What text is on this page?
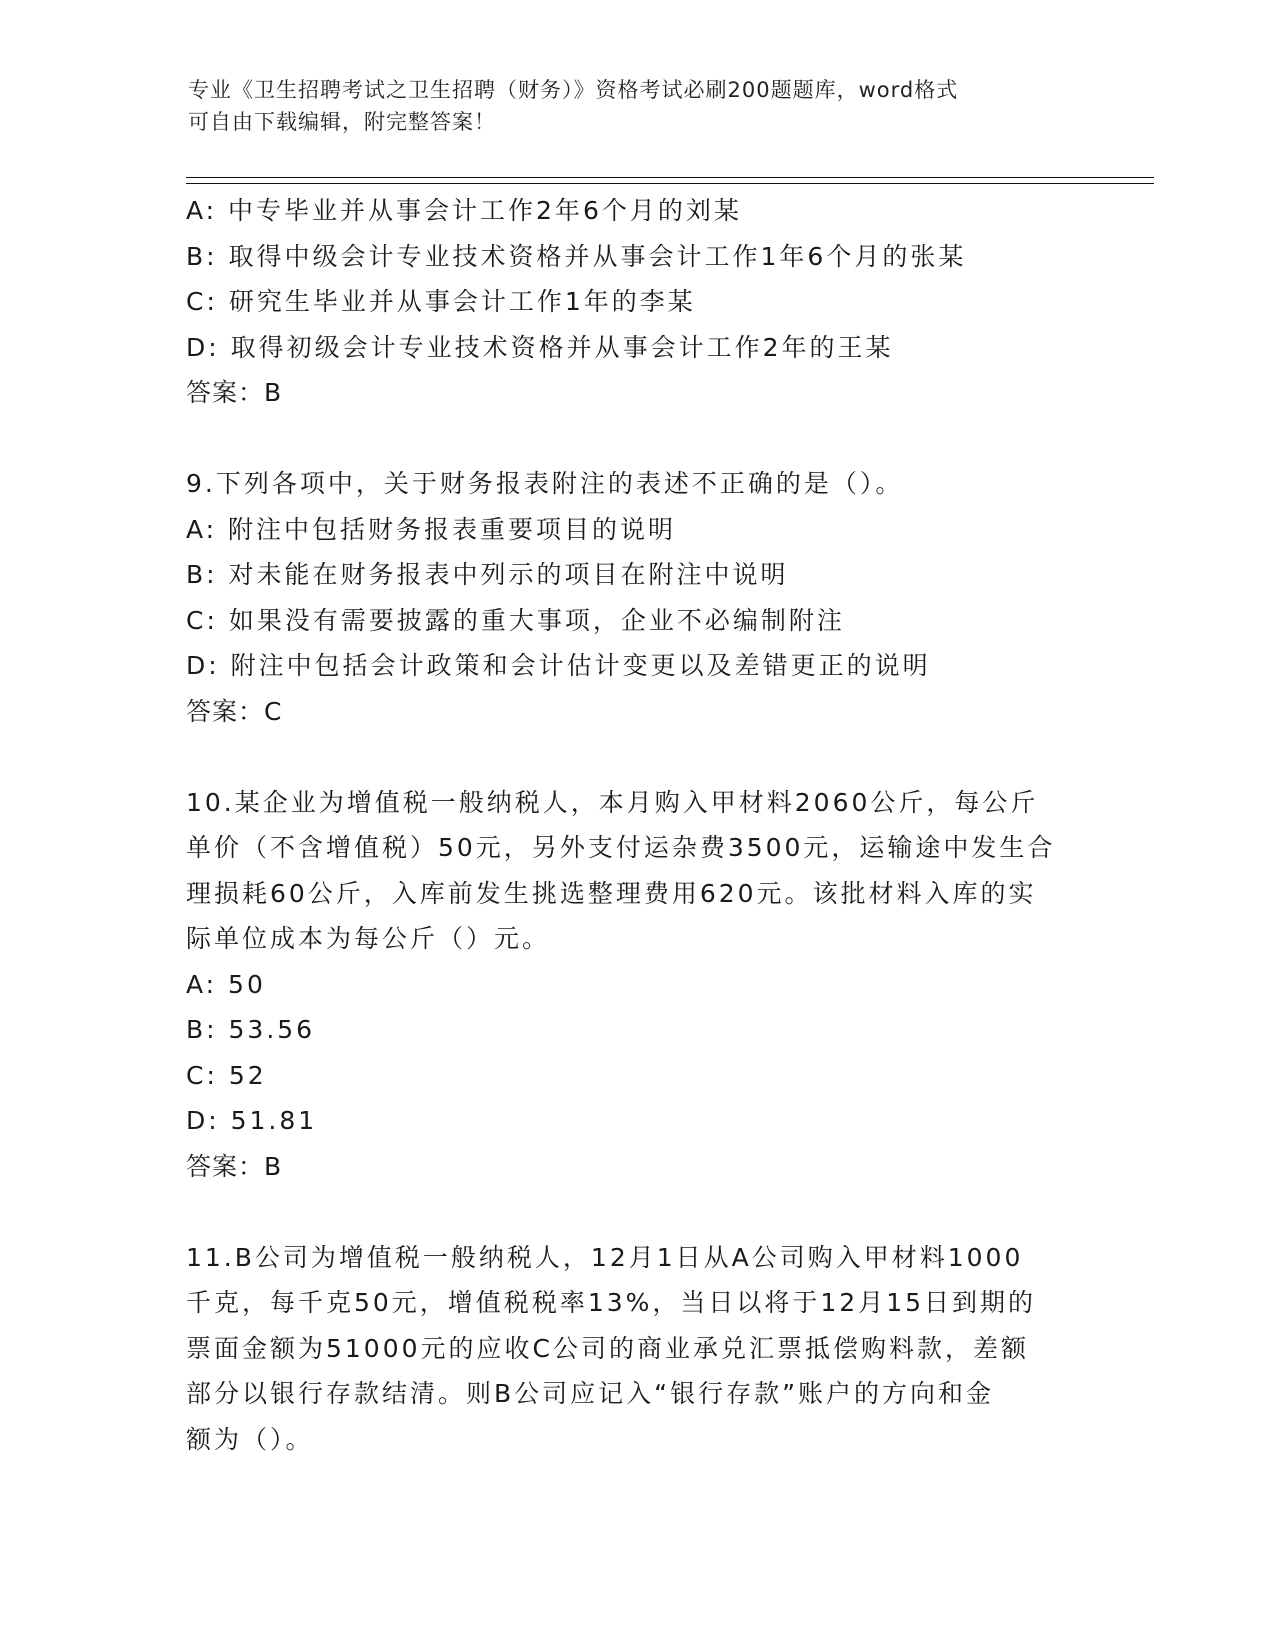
专业《卫生招聘考试之卫生招聘（财务）》资格考试必刷200题题库，word格式
可自由下载编辑，附完整答案！
A: 中专毕业并从事会计工作2年6个月的刘某
B: 取得中级会计专业技术资格并从事会计工作1年6个月的张某
C: 研究生毕业并从事会计工作1年的李某
D: 取得初级会计专业技术资格并从事会计工作2年的王某
答案：B
9.下列各项中，关于财务报表附注的表述不正确的是（）。
A: 附注中包括财务报表重要项目的说明
B: 对未能在财务报表中列示的项目在附注中说明
C: 如果没有需要披露的重大事项，企业不必编制附注
D: 附注中包括会计政策和会计估计变更以及差错更正的说明
答案：C
10.某企业为增值税一般纳税人，本月购入甲材料2060公斤，每公斤
单价（不含增值税）50元，另外支付运杂费3500元，运输途中发生合
理损耗60公斤，入库前发生挑选整理费用620元。该批材料入库的实
际单位成本为每公斤（）元。
A: 50
B: 53.56
C: 52
D: 51.81
答案：B
11.B公司为增值税一般纳税人，12月1日从A公司购入甲材料1000
千克，每千克50元，增值税税率13%，当日以将于12月15日到期的
票面金额为51000元的应收C公司的商业承兑汇票抵偿购料款，差额
部分以银行存款结清。则B公司应记入“银行存款”账户的方向和金
额为（）。
